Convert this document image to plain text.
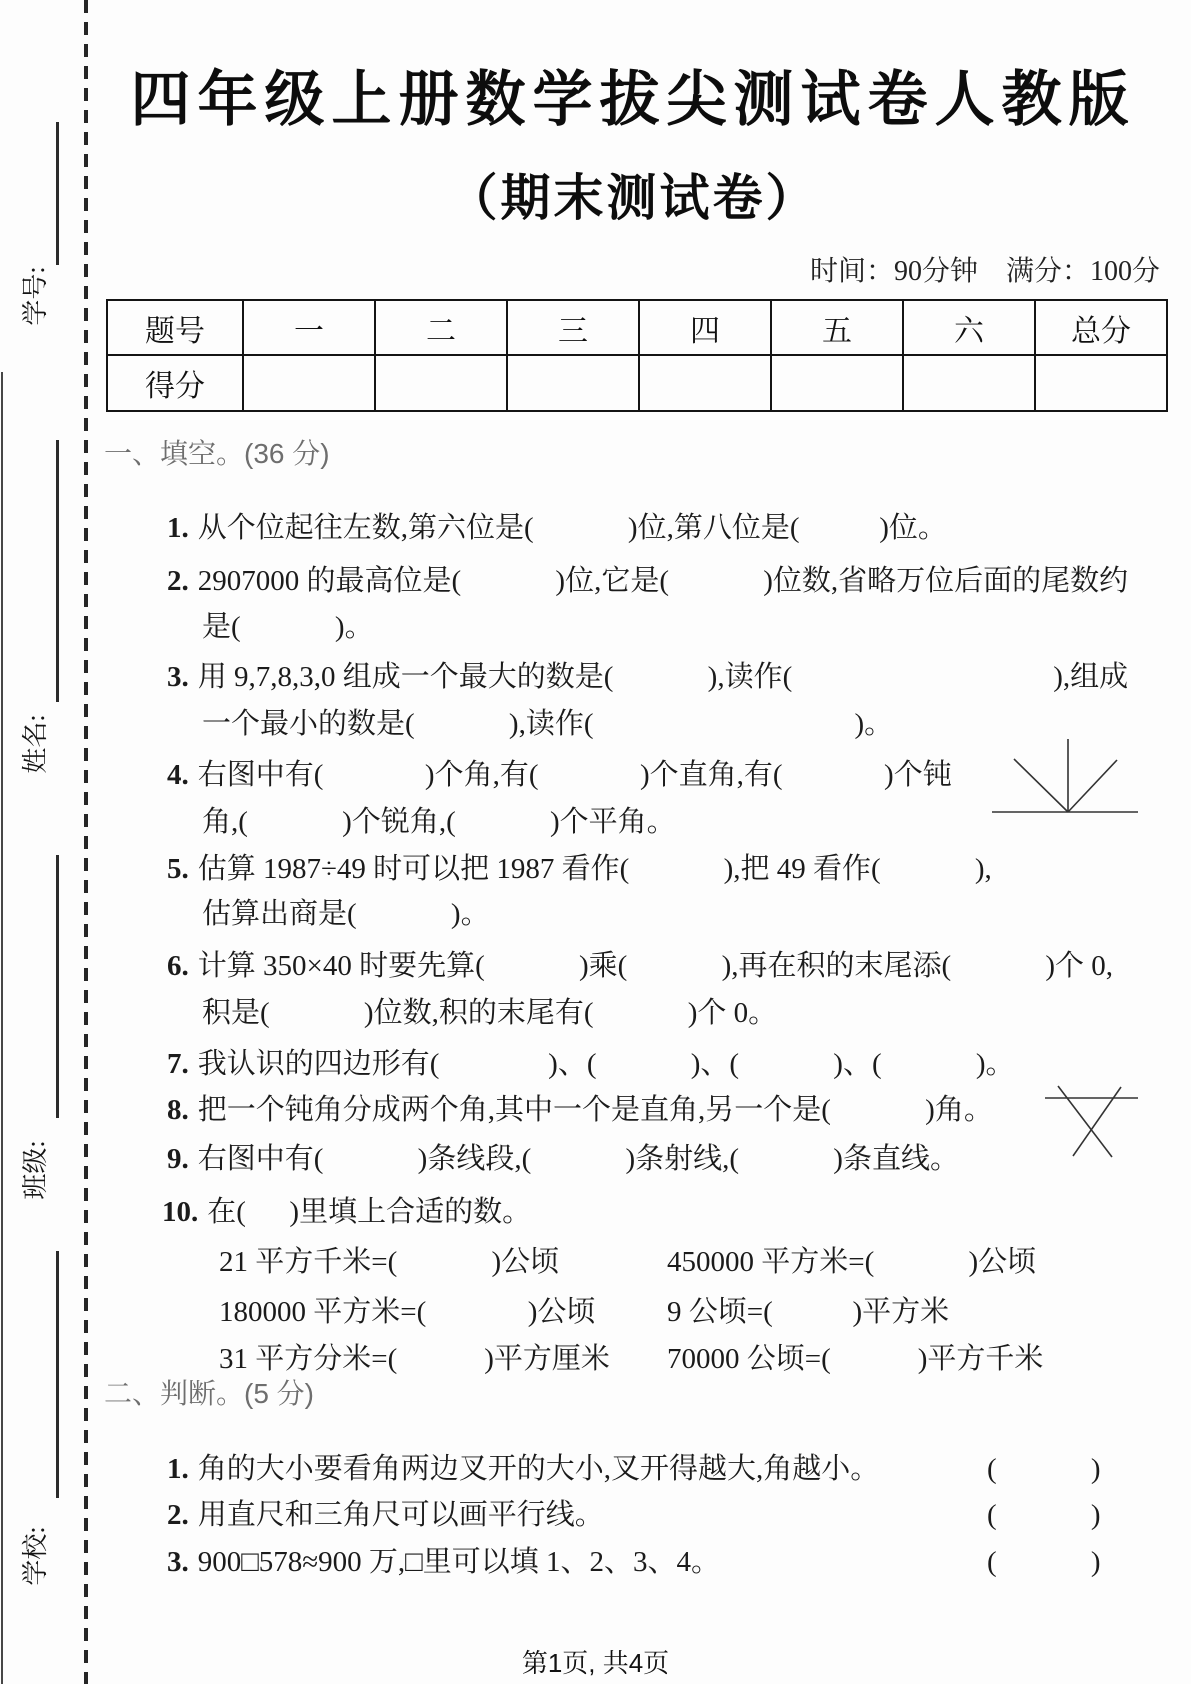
学号:
姓名:
班级:
学校:
四年级上册数学拔尖测试卷人教版
（期末测试卷）
时间：90分钟    满分：100分
题号	一	二	三	四	五	六	总分
得分							
一、填空。(36 分)

1. 从个位起往左数,第六位是(             )位,第八位是(           )位。

2. 2907000 的最高位是(             )位,它是(             )位数,省略万位后面的尾数约

是(             )。

3. 用 9,7,8,3,0 组成一个最大的数是(             ),读作(                                    ),组成

一个最小的数是(             ),读作(                                    )。

4. 右图中有(              )个角,有(              )个直角,有(              )个钝

角,(             )个锐角,(             )个平角。

5. 估算 1987÷49 时可以把 1987 看作(             ),把 49 看作(             ),

估算出商是(             )。

6. 计算 350×40 时要先算(             )乘(             ),再在积的末尾添(             )个 0,

积是(             )位数,积的末尾有(             )个 0。

7. 我认识的四边形有(               )、(             )、(             )、(             )。

8. 把一个钝角分成两个角,其中一个是直角,另一个是(             )角。

9. 右图中有(             )条线段,(             )条射线,(             )条直线。

10. 在(      )里填上合适的数。

21 平方千米=(             )公顷
	450000 平方米=(             )公顷

180000 平方米=(              )公顷
	9 公顷=(           )平方米

31 平方分米=(            )平方厘米
	70000 公顷=(            )平方千米

二、判断。(5 分)

1. 角的大小要看角两边叉开的大小,叉开得越大,角越小。
	(             )

2. 用直尺和三角尺可以画平行线。
	(             )

3. 900□578≈900 万,□里可以填 1、2、3、4。
	(             )

第1页, 共4页
